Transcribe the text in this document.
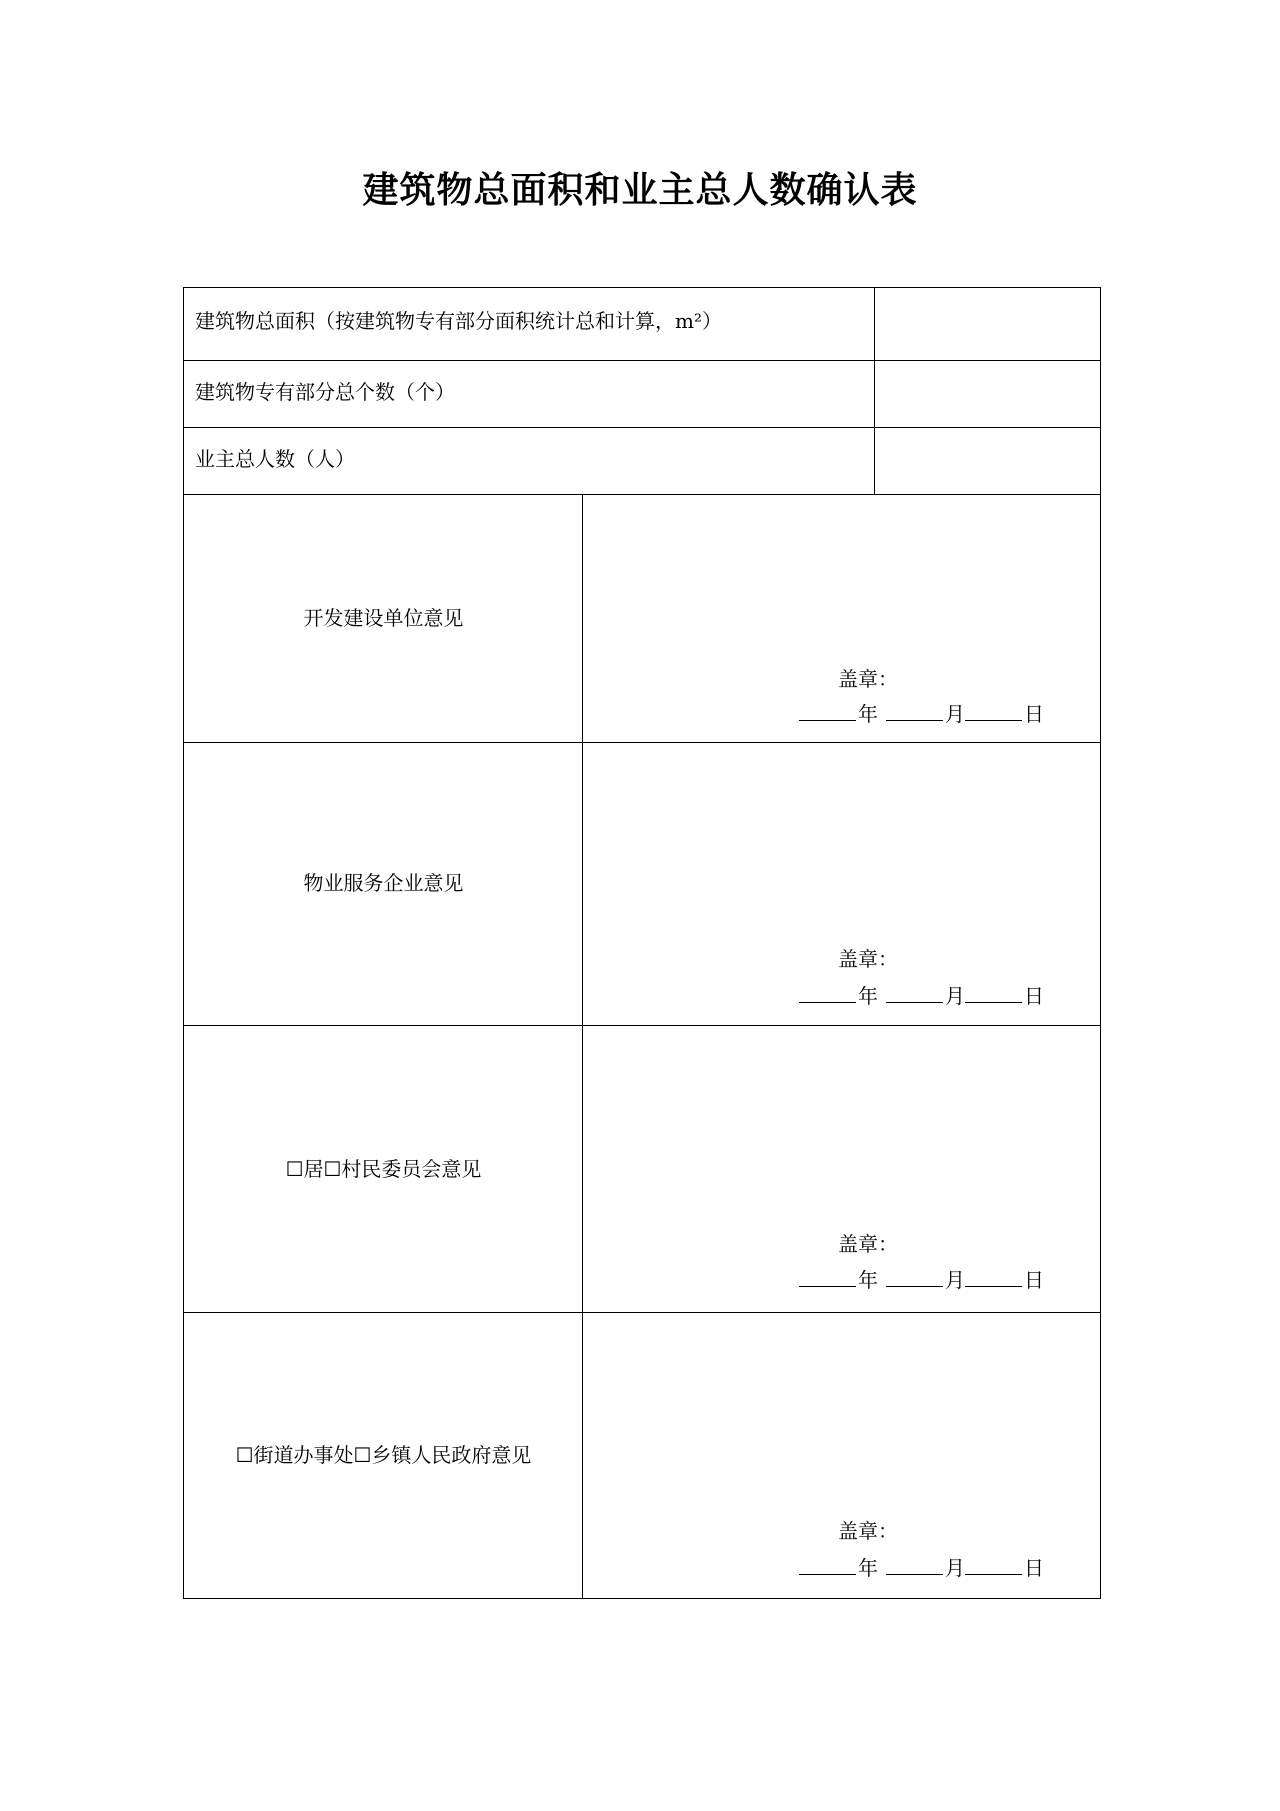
建筑物总面积和业主总人数确认表
建筑物总面积（按建筑物专有部分面积统计总和计算，m²）
建筑物专有部分总个数（个）
业主总人数（人）
开发建设单位意见
盖章：
年	月	日
物业服务企业意见
盖章：
年	月	日
☐居☐村民委员会意见
盖章：
年	月	日
☐街道办事处☐乡镇人民政府意见
盖章：
年	月	日
